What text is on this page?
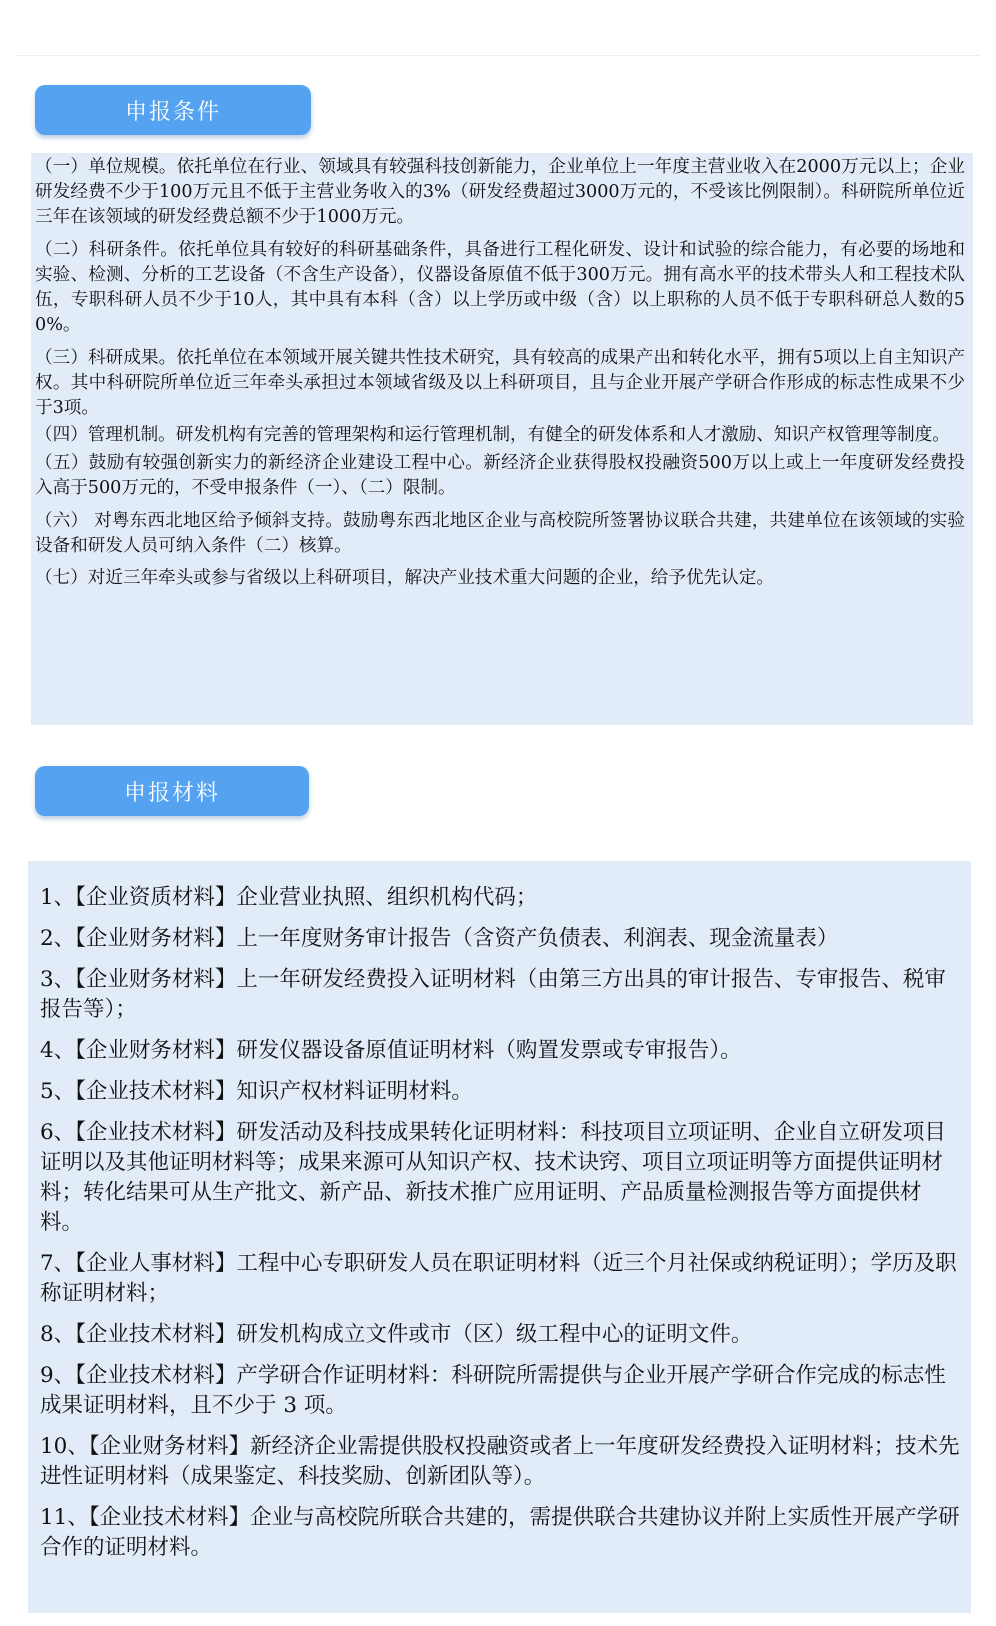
申报条件

（一）单位规模。依托单位在行业、领域具有较强科技创新能力，企业单位上一年度主营业收入在2000万元以上；企业研发经费不少于100万元且不低于主营业务收入的3%（研发经费超过3000万元的，不受该比例限制）。科研院所单位近三年在该领域的研发经费总额不少于1000万元。

（二）科研条件。依托单位具有较好的科研基础条件，具备进行工程化研发、设计和试验的综合能力，有必要的场地和实验、检测、分析的工艺设备（不含生产设备），仪器设备原值不低于300万元。拥有高水平的技术带头人和工程技术队伍，专职科研人员不少于10人，其中具有本科（含）以上学历或中级（含）以上职称的人员不低于专职科研总人数的50%。

（三）科研成果。依托单位在本领域开展关键共性技术研究，具有较高的成果产出和转化水平，拥有5项以上自主知识产权。其中科研院所单位近三年牵头承担过本领域省级及以上科研项目，且与企业开展产学研合作形成的标志性成果不少于3项。

（四）管理机制。研发机构有完善的管理架构和运行管理机制，有健全的研发体系和人才激励、知识产权管理等制度。

（五）鼓励有较强创新实力的新经济企业建设工程中心。新经济企业获得股权投融资500万以上或上一年度研发经费投入高于500万元的，不受申报条件（一）、（二）限制。

（六） 对粤东西北地区给予倾斜支持。鼓励粤东西北地区企业与高校院所签署协议联合共建，共建单位在该领域的实验设备和研发人员可纳入条件（二）核算。

（七）对近三年牵头或参与省级以上科研项目，解决产业技术重大问题的企业，给予优先认定。

申报材料

1、【企业资质材料】企业营业执照、组织机构代码；

2、【企业财务材料】上一年度财务审计报告（含资产负债表、利润表、现金流量表）

3、【企业财务材料】上一年研发经费投入证明材料（由第三方出具的审计报告、专审报告、税审报告等）；

4、【企业财务材料】研发仪器设备原值证明材料（购置发票或专审报告）。

5、【企业技术材料】知识产权材料证明材料。

6、【企业技术材料】研发活动及科技成果转化证明材料：科技项目立项证明、企业自立研发项目证明以及其他证明材料等；成果来源可从知识产权、技术诀窍、项目立项证明等方面提供证明材料；转化结果可从生产批文、新产品、新技术推广应用证明、产品质量检测报告等方面提供材料。

7、【企业人事材料】工程中心专职研发人员在职证明材料（近三个月社保或纳税证明）；学历及职称证明材料；

8、【企业技术材料】研发机构成立文件或市（区）级工程中心的证明文件。

9、【企业技术材料】产学研合作证明材料：科研院所需提供与企业开展产学研合作完成的标志性成果证明材料，且不少于 3 项。

10、【企业财务材料】新经济企业需提供股权投融资或者上一年度研发经费投入证明材料；技术先进性证明材料（成果鉴定、科技奖励、创新团队等）。

11、【企业技术材料】企业与高校院所联合共建的，需提供联合共建协议并附上实质性开展产学研合作的证明材料。
